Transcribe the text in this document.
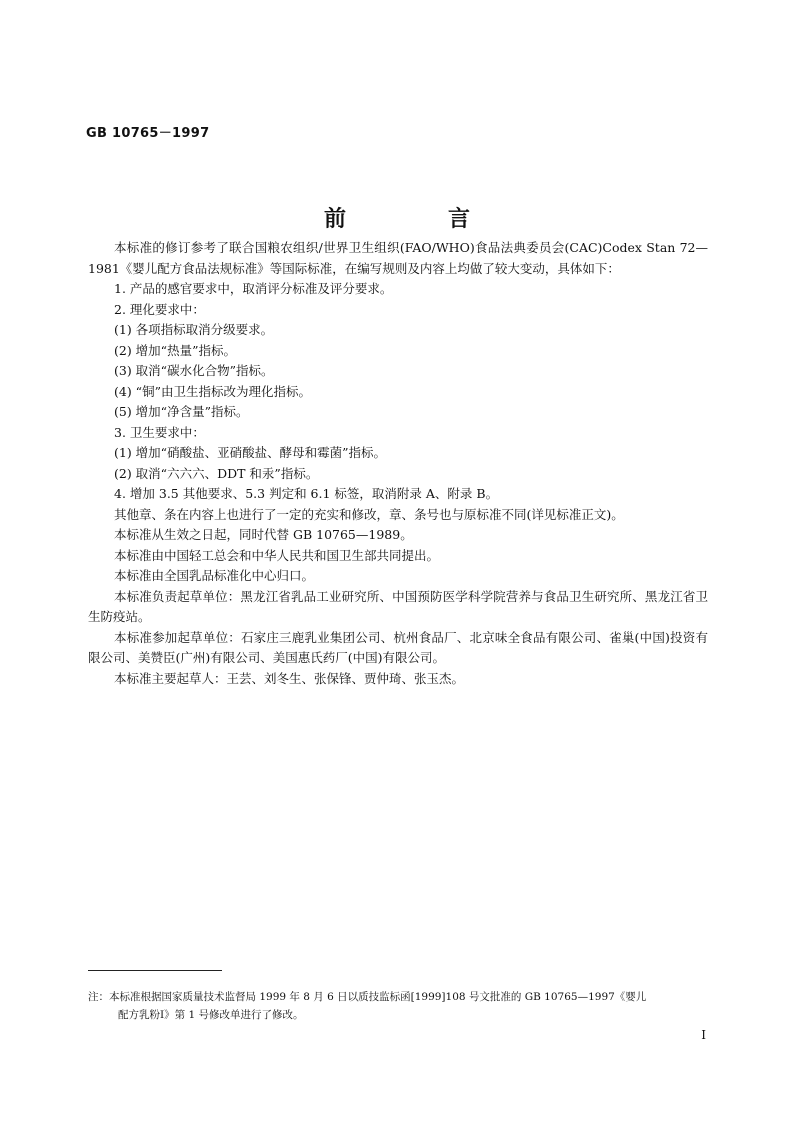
GB 10765－1997
前　言

本标准的修订参考了联合国粮农组织/世界卫生组织(FAO/WHO)食品法典委员会(CAC)Codex Stan 72—1981《婴儿配方食品法规标准》等国际标准，在编写规则及内容上均做了较大变动，具体如下：

1. 产品的感官要求中，取消评分标准及评分要求。

2. 理化要求中：

(1) 各项指标取消分级要求。

(2) 增加“热量”指标。

(3) 取消“碳水化合物”指标。

(4) “铜”由卫生指标改为理化指标。

(5) 增加“净含量”指标。

3. 卫生要求中：

(1) 增加“硝酸盐、亚硝酸盐、酵母和霉菌”指标。

(2) 取消“六六六、DDT 和汞”指标。

4. 增加 3.5 其他要求、5.3 判定和 6.1 标签，取消附录 A、附录 B。

其他章、条在内容上也进行了一定的充实和修改，章、条号也与原标准不同(详见标准正文)。

本标准从生效之日起，同时代替 GB 10765—1989。

本标准由中国轻工总会和中华人民共和国卫生部共同提出。

本标准由全国乳品标准化中心归口。

本标准负责起草单位：黑龙江省乳品工业研究所、中国预防医学科学院营养与食品卫生研究所、黑龙江省卫生防疫站。

本标准参加起草单位：石家庄三鹿乳业集团公司、杭州食品厂、北京味全食品有限公司、雀巢(中国)投资有限公司、美赞臣(广州)有限公司、美国惠氏药厂(中国)有限公司。

本标准主要起草人：王芸、刘冬生、张保锋、贾仲琦、张玉杰。

注：本标准根据国家质量技术监督局 1999 年 8 月 6 日以质技监标函[1999]108 号文批准的 GB 10765—1997《婴儿
配方乳粉Ⅰ》第 1 号修改单进行了修改。
Ⅰ
